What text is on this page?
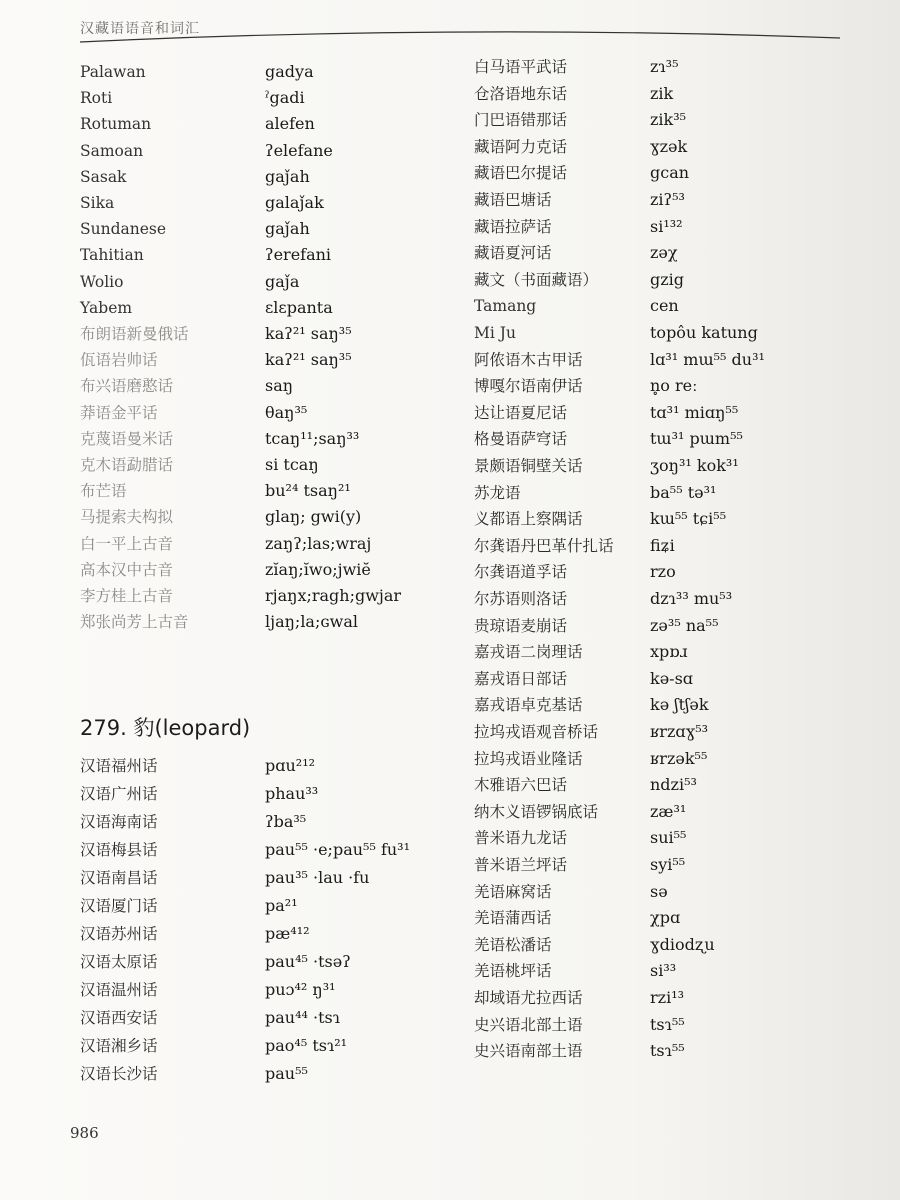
汉藏语语音和词汇
Palawan	gadya
Roti	ˀgadi
Rotuman	alefen
Samoan	ʔelefane
Sasak	gaǰah
Sika	galaǰak
Sundanese	gaǰah
Tahitian	ʔerefani
Wolio	gaǰa
Yabem	ɛlɛpanta
布朗语新曼俄话	kaʔ²¹ saŋ³⁵
佤语岩帅话	kaʔ²¹ saŋ³⁵
布兴语磨憨话	saŋ
莽语金平话	θaŋ³⁵
克蔑语曼米话	tcaŋ¹¹;saŋ³³
克木语勐腊话	si tcaŋ
布芒语	bu²⁴ tsaŋ²¹
马提索夫构拟	glaŋ; gwi(y)
白一平上古音	zaŋʔ;las;wraj
高本汉中古音	zĭaŋ;ĭwo;jwiĕ
李方桂上古音	rjaŋx;ragh;gwjar
郑张尚芳上古音	ljaŋ;la;ɢwal
279. 豹(leopard)
汉语福州话	pɑu²¹²
汉语广州话	phau³³
汉语海南话	ʔba³⁵
汉语梅县话	pau⁵⁵ ·e;pau⁵⁵ fu³¹
汉语南昌话	pau³⁵ ·lau ·fu
汉语厦门话	pa²¹
汉语苏州话	pæ⁴¹²
汉语太原话	pau⁴⁵ ·tsəʔ
汉语温州话	puɔ⁴² ŋ³¹
汉语西安话	pau⁴⁴ ·tsɿ
汉语湘乡话	pao⁴⁵ tsɿ²¹
汉语长沙话	pau⁵⁵
白马语平武话	zɿ³⁵
仓洛语地东话	zik
门巴语错那话	zik³⁵
藏语阿力克话	ɣzək
藏语巴尔提话	gcan
藏语巴塘话	ziʔ⁵³
藏语拉萨话	si¹³²
藏语夏河话	zəχ
藏文（书面藏语）	gzig
Tamang	cen
Mi Ju	topôu katung
阿侬语木古甲话	lɑ³¹ mɯ⁵⁵ du³¹
博嘎尔语南伊话	n̥o reː
达让语夏尼话	tɑ³¹ miɑŋ⁵⁵
格曼语萨穹话	tɯ³¹ pɯm⁵⁵
景颇语铜壁关话	ʒoŋ³¹ kok³¹
苏龙语	ba⁵⁵ tə³¹
义都语上察隅话	kɯ⁵⁵ tɕi⁵⁵
尔龚语丹巴革什扎话 fiʑi
尔龚语道孚话	rzo
尔苏语则洛话	dzɿ³³ mu⁵³
贵琼语麦崩话	zə³⁵ na⁵⁵
嘉戎语二岗理话	xpɒɹ
嘉戎语日部话	kə-sɑ
嘉戎语卓克基话	kə ʃtʃək
拉坞戎语观音桥话	ʁrzɑɣ⁵³
拉坞戎语业隆话	ʁrzək⁵⁵
木雅语六巴话	ndzi⁵³
纳木义语锣锅底话	zæ³¹
普米语九龙话	sui⁵⁵
普米语兰坪话	syi⁵⁵
羌语麻窝话	sə
羌语蒲西话	χpɑ
羌语松潘话	ɣdiodʐu
羌语桃坪话	si³³
却域语尤拉西话	rzi¹³
史兴语北部土语	tsɿ⁵⁵
史兴语南部土语	tsɿ⁵⁵
986
